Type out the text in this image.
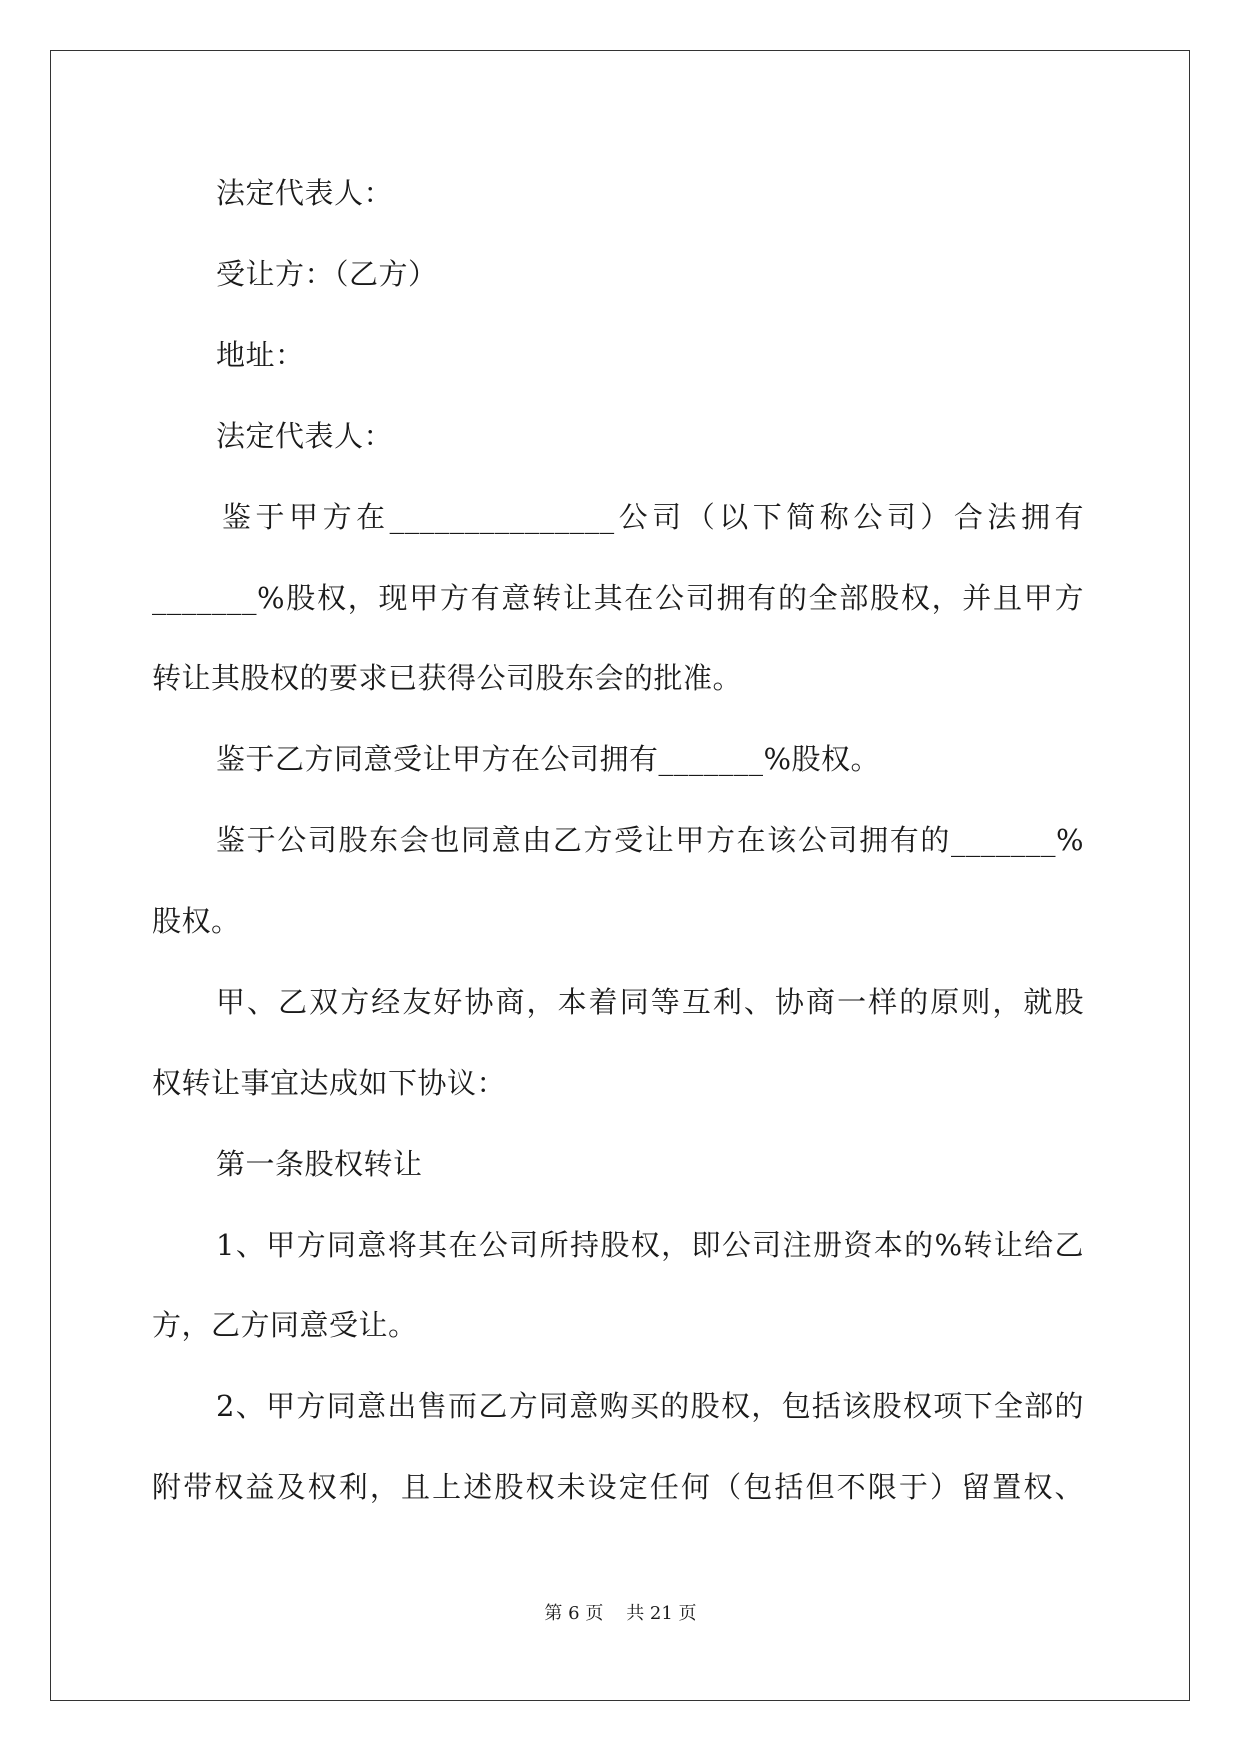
法定代表人：
受让方：（乙方）
地址：
法定代表人：
鉴于甲方在_______________公司（以下简称公司）合法拥有
_______%股权，现甲方有意转让其在公司拥有的全部股权，并且甲方
转让其股权的要求已获得公司股东会的批准。
鉴于乙方同意受让甲方在公司拥有_______%股权。
鉴于公司股东会也同意由乙方受让甲方在该公司拥有的_______%
股权。
甲、乙双方经友好协商，本着同等互利、协商一样的原则，就股
权转让事宜达成如下协议：
第一条股权转让
1、甲方同意将其在公司所持股权，即公司注册资本的%转让给乙
方，乙方同意受让。
2、甲方同意出售而乙方同意购买的股权，包括该股权项下全部的
附带权益及权利，且上述股权未设定任何（包括但不限于）留置权、
第 6 页    共 21 页
